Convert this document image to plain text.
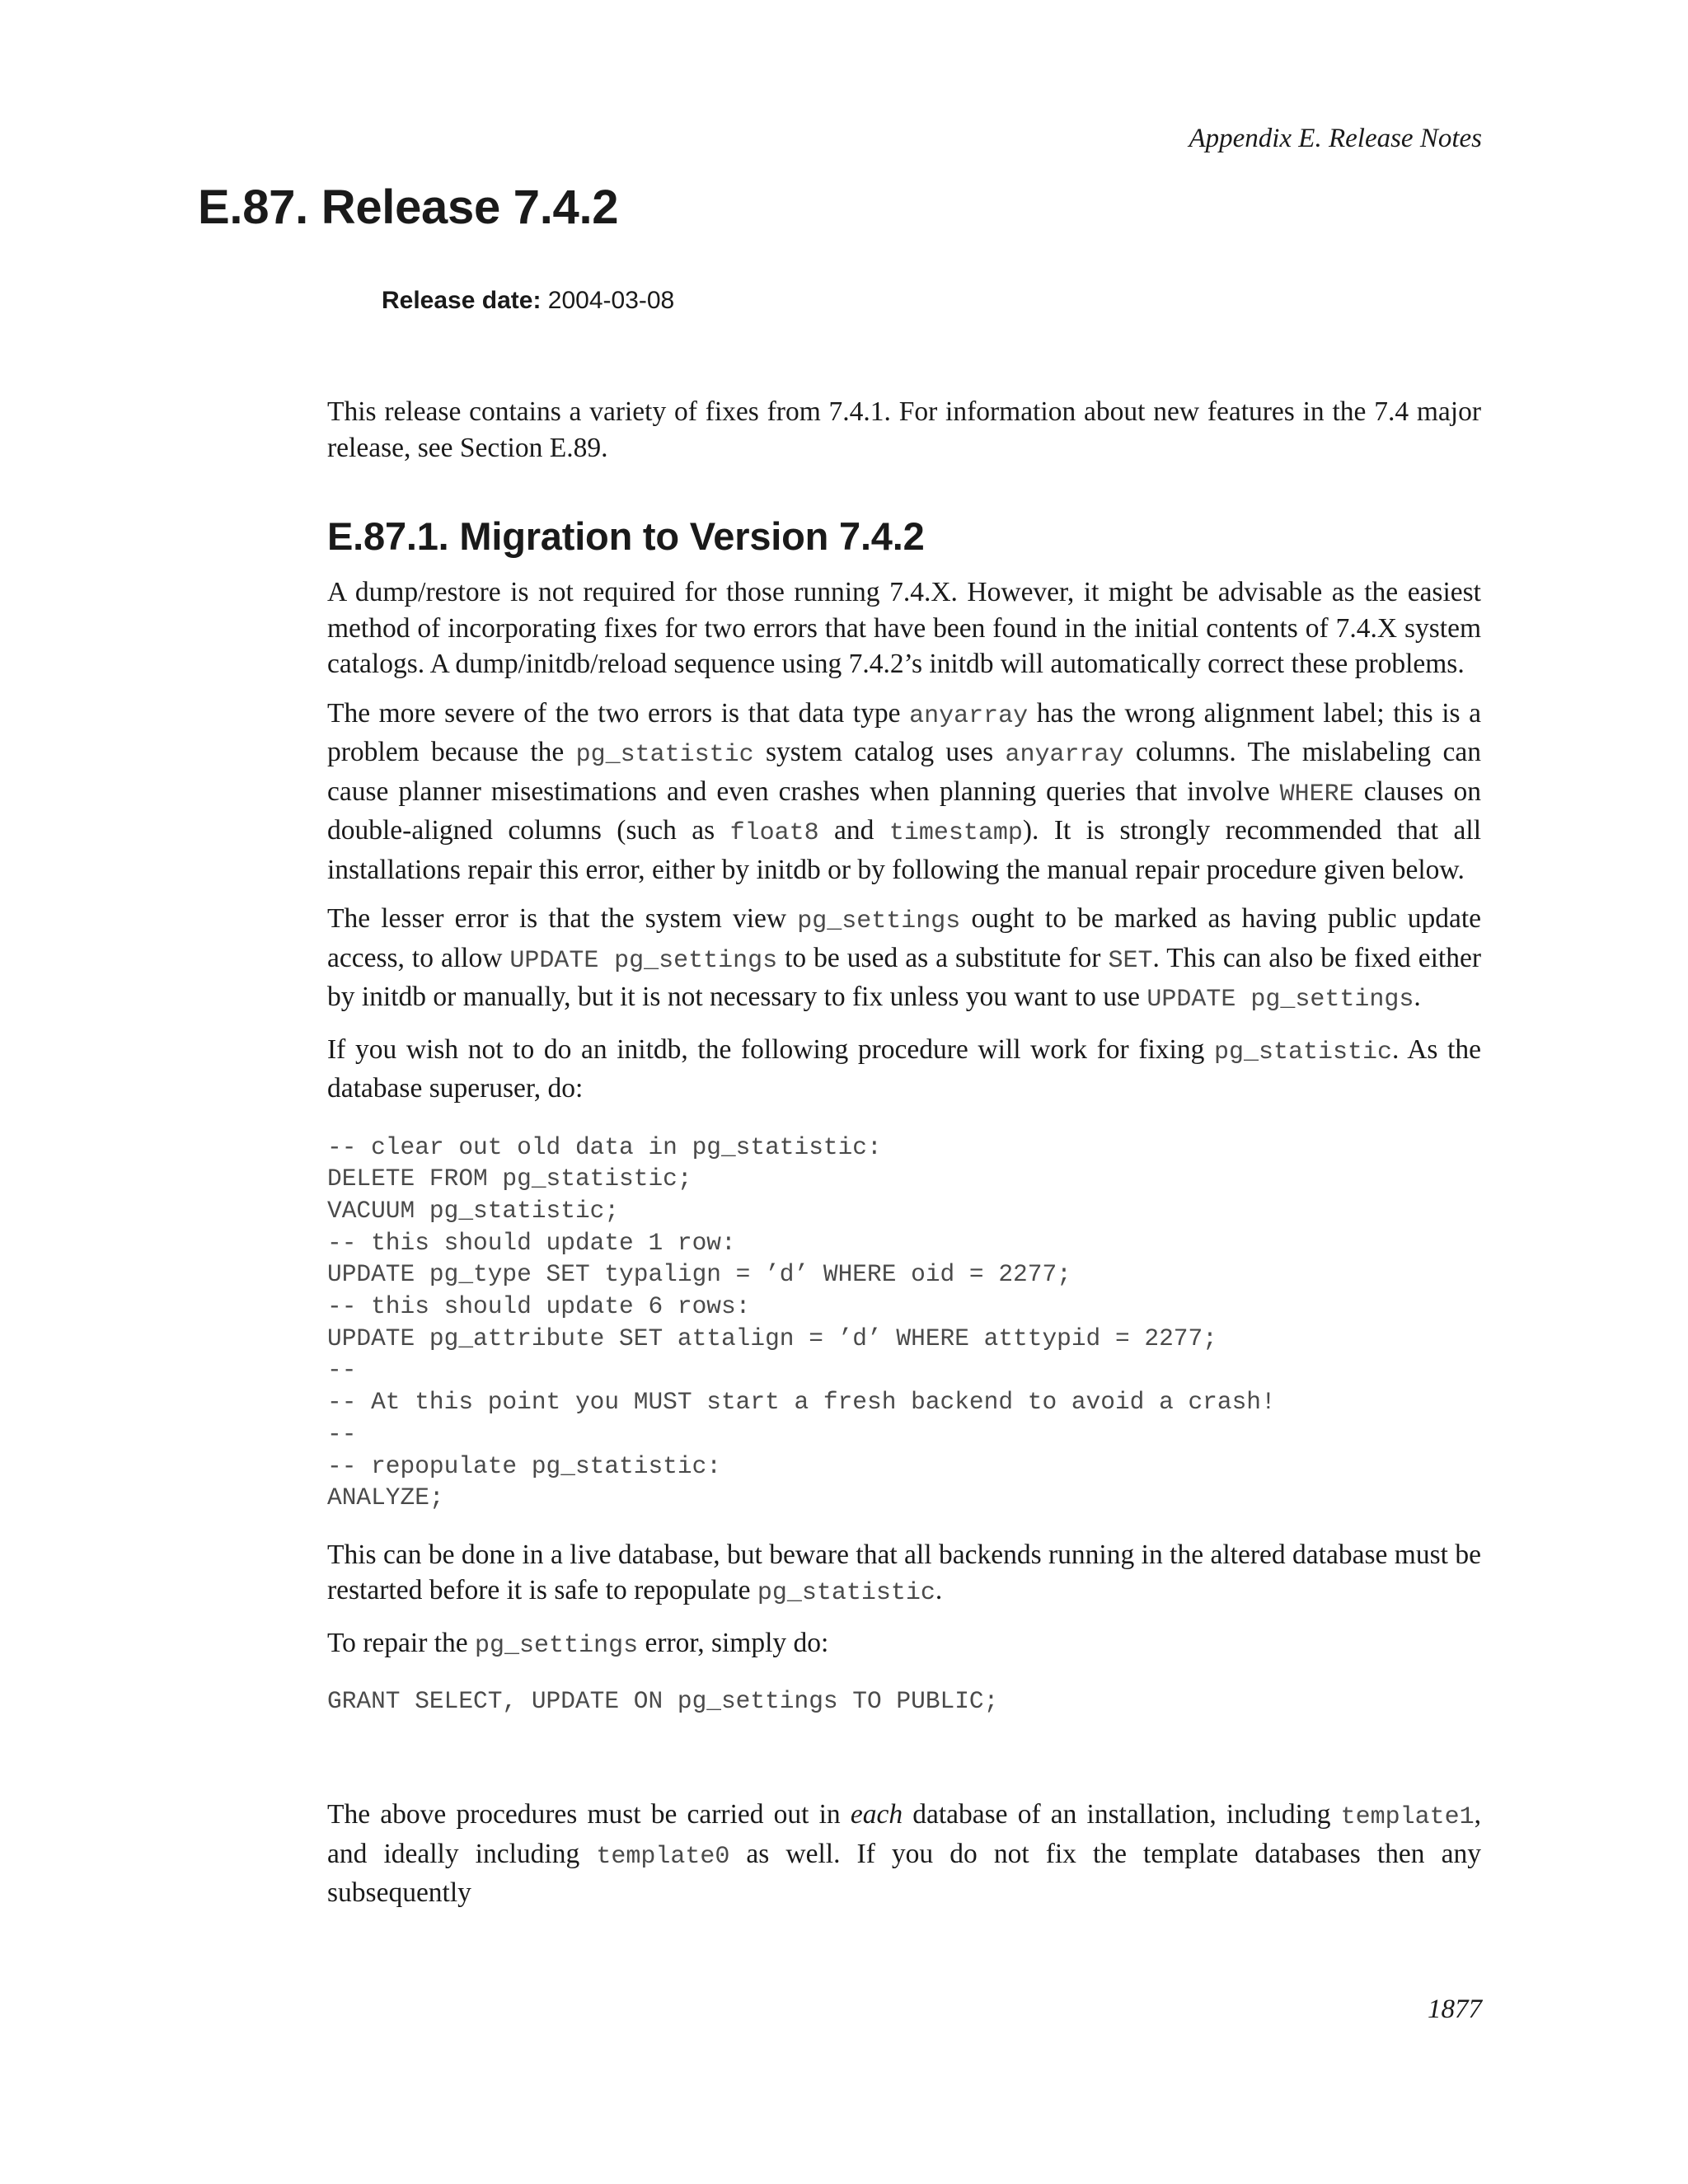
Appendix E. Release Notes
E.87. Release 7.4.2
Release date: 2004-03-08

This release contains a variety of fixes from 7.4.1. For information about new features in the 7.4 major release, see Section E.89.

E.87.1. Migration to Version 7.4.2

A dump/restore is not required for those running 7.4.X. However, it might be advisable as the easiest method of incorporating fixes for two errors that have been found in the initial contents of 7.4.X system catalogs. A dump/initdb/reload sequence using 7.4.2’s initdb will automatically correct these problems.

The more severe of the two errors is that data type anyarray has the wrong alignment label; this is a problem because the pg_statistic system catalog uses anyarray columns. The mislabeling can cause planner misestimations and even crashes when planning queries that involve WHERE clauses on double-aligned columns (such as float8 and timestamp). It is strongly recommended that all installations repair this error, either by initdb or by following the manual repair procedure given below.

The lesser error is that the system view pg_settings ought to be marked as having public update access, to allow UPDATE pg_settings to be used as a substitute for SET. This can also be fixed either by initdb or manually, but it is not necessary to fix unless you want to use UPDATE pg_settings.

If you wish not to do an initdb, the following procedure will work for fixing pg_statistic. As the database superuser, do:

-- clear out old data in pg_statistic:
DELETE FROM pg_statistic;
VACUUM pg_statistic;
-- this should update 1 row:
UPDATE pg_type SET typalign = ’d’ WHERE oid = 2277;
-- this should update 6 rows:
UPDATE pg_attribute SET attalign = ’d’ WHERE atttypid = 2277;
--
-- At this point you MUST start a fresh backend to avoid a crash!
--
-- repopulate pg_statistic:
ANALYZE;

This can be done in a live database, but beware that all backends running in the altered database must be restarted before it is safe to repopulate pg_statistic.

To repair the pg_settings error, simply do:

GRANT SELECT, UPDATE ON pg_settings TO PUBLIC;

The above procedures must be carried out in each database of an installation, including template1, and ideally including template0 as well. If you do not fix the template databases then any subsequently

1877
